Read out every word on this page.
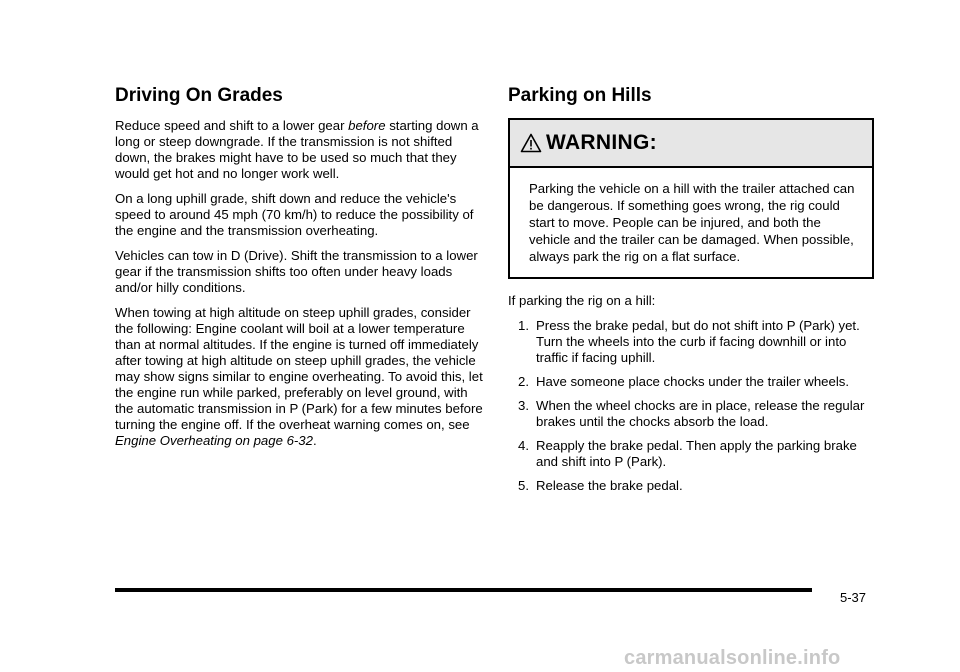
Driving On Grades

Reduce speed and shift to a lower gear before starting down a long or steep downgrade. If the transmission is not shifted down, the brakes might have to be used so much that they would get hot and no longer work well.

On a long uphill grade, shift down and reduce the vehicle's speed to around 45 mph (70 km/h) to reduce the possibility of the engine and the transmission overheating.

Vehicles can tow in D (Drive). Shift the transmission to a lower gear if the transmission shifts too often under heavy loads and/or hilly conditions.

When towing at high altitude on steep uphill grades, consider the following: Engine coolant will boil at a lower temperature than at normal altitudes. If the engine is turned off immediately after towing at high altitude on steep uphill grades, the vehicle may show signs similar to engine overheating. To avoid this, let the engine run while parked, preferably on level ground, with the automatic transmission in P (Park) for a few minutes before turning the engine off. If the overheat warning comes on, see Engine Overheating on page 6-32.

Parking on Hills
WARNING:

Parking the vehicle on a hill with the trailer attached can be dangerous. If something goes wrong, the rig could start to move. People can be injured, and both the vehicle and the trailer can be damaged. When possible, always park the rig on a flat surface.

If parking the rig on a hill:

1. Press the brake pedal, but do not shift into P (Park) yet. Turn the wheels into the curb if facing downhill or into traffic if facing uphill.
2. Have someone place chocks under the trailer wheels.
3. When the wheel chocks are in place, release the regular brakes until the chocks absorb the load.
4. Reapply the brake pedal. Then apply the parking brake and shift into P (Park).
5. Release the brake pedal.
5-37
carmanualsonline.info
